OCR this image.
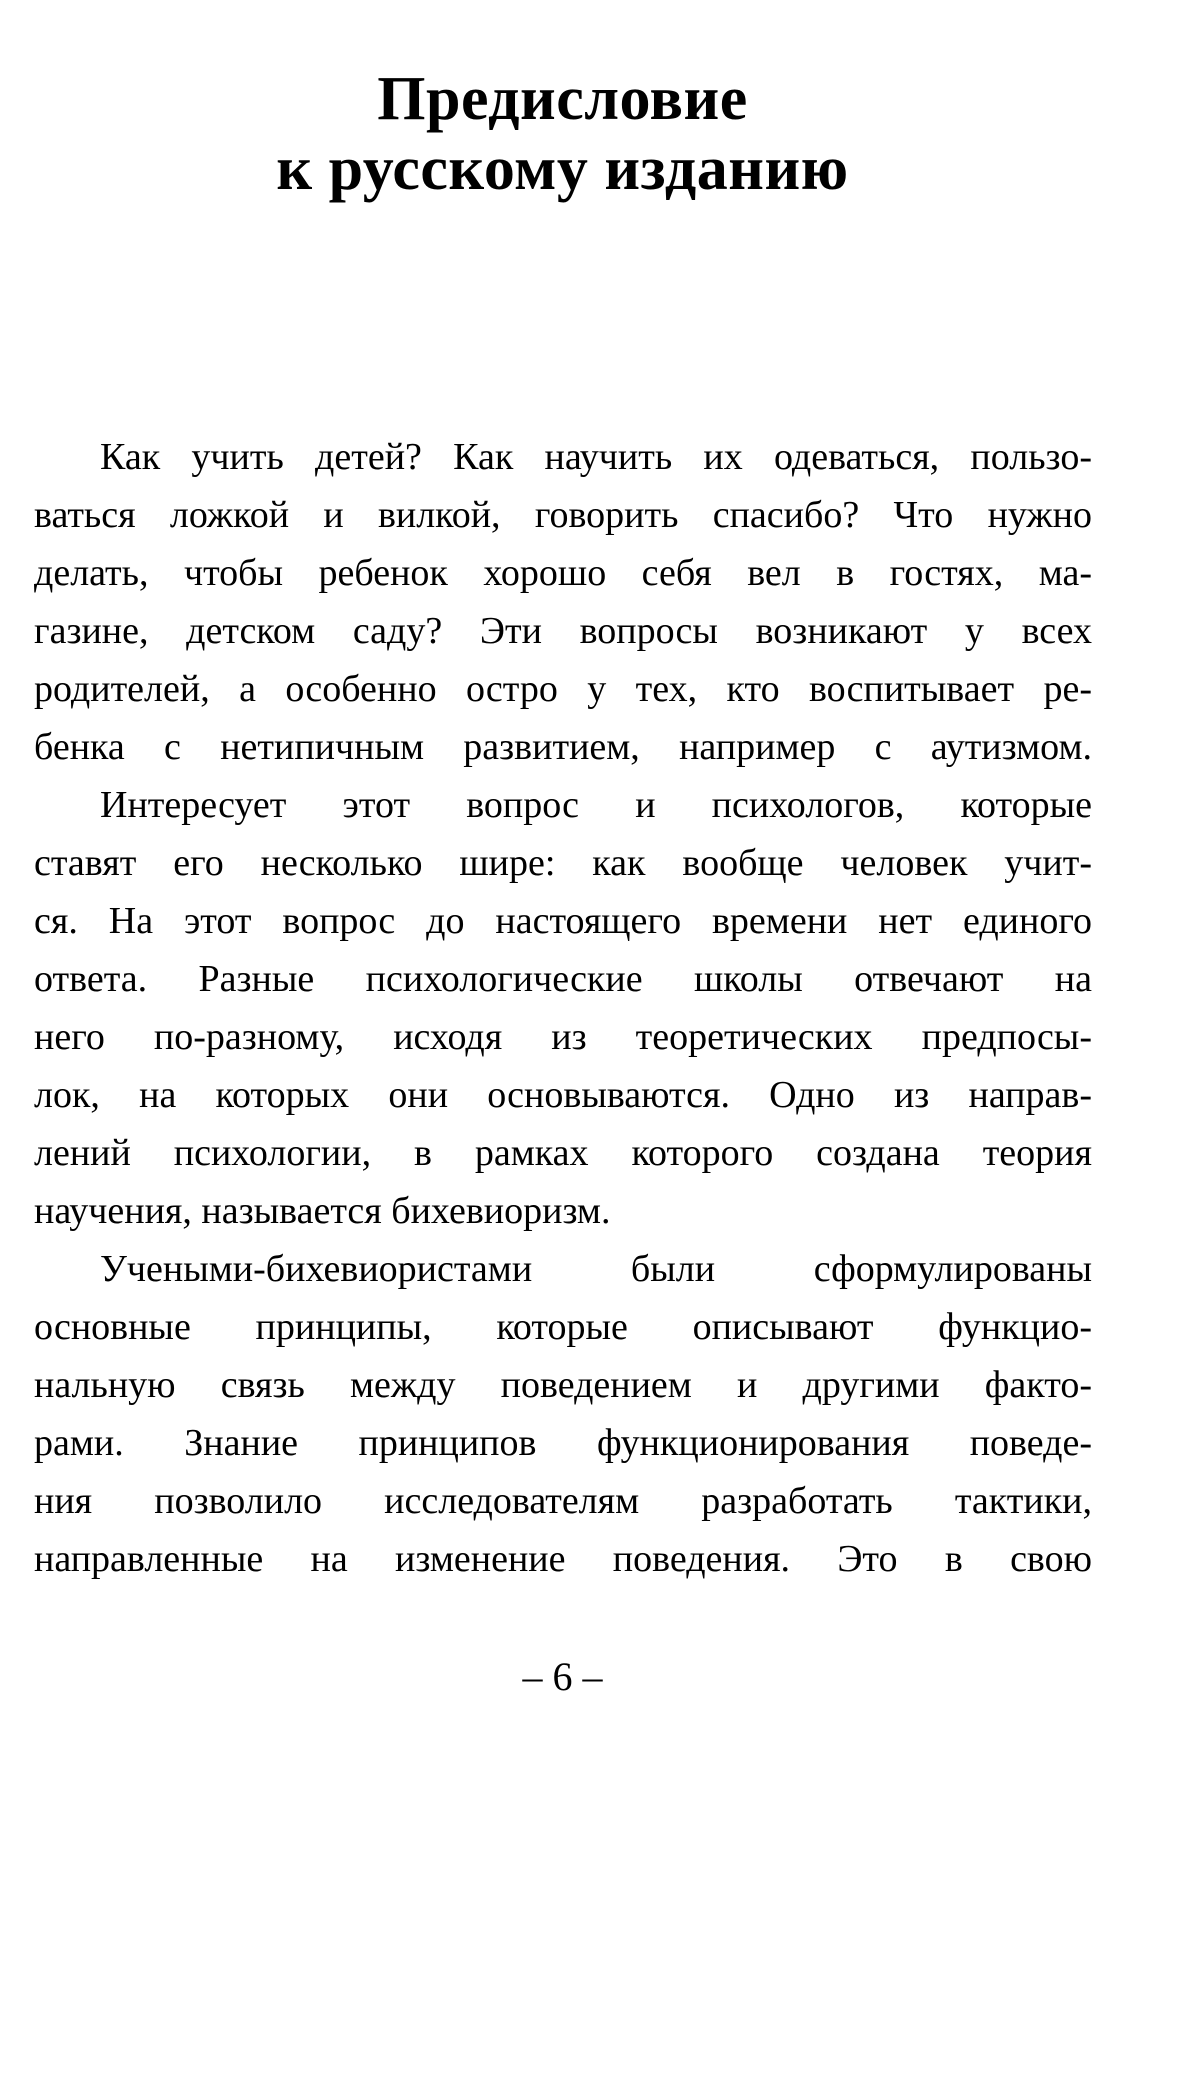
Предисловие
к русскому изданию

Как учить детей? Как научить их одеваться, пользо-
ваться ложкой и вилкой, говорить спасибо? Что нужно
делать, чтобы ребенок хорошо себя вел в гостях, ма-
газине, детском саду? Эти вопросы возникают у всех
родителей, а особенно остро у тех, кто воспитывает ре-
бенка с нетипичным развитием, например с аутизмом.

Интересует этот вопрос и психологов, которые
ставят его несколько шире: как вообще человек учит-
ся. На этот вопрос до настоящего времени нет единого
ответа. Разные психологические школы отвечают на
него по-разному, исходя из теоретических предпосы-
лок, на которых они основываются. Одно из направ-
лений психологии, в рамках которого создана теория
научения, называется бихевиоризм.

Учеными-бихевиористами были сформулированы
основные принципы, которые описывают функцио-
нальную связь между поведением и другими факто-
рами. Знание принципов функционирования поведе-
ния позволило исследователям разработать тактики,
направленные на изменение поведения. Это в свою

– 6 –
